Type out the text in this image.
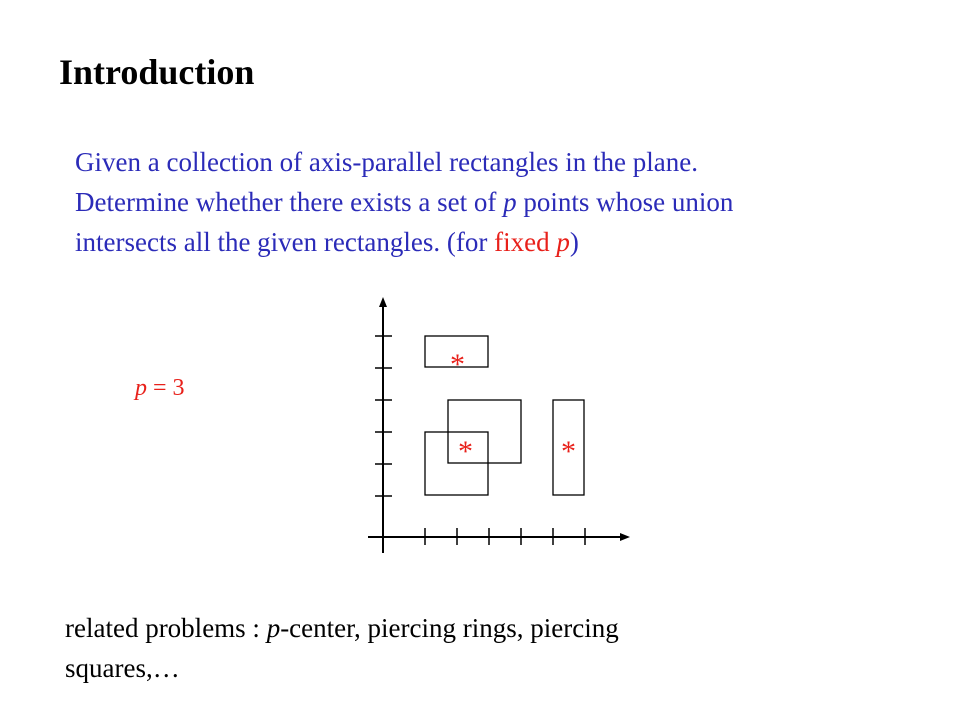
Introduction
Given a collection of axis-parallel rectangles in the plane.
Determine whether there exists a set of p points whose union
intersects all the given rectangles. (for fixed p)
p = 3
*
*	*
related problems : p-center, piercing rings, piercing
squares,…
